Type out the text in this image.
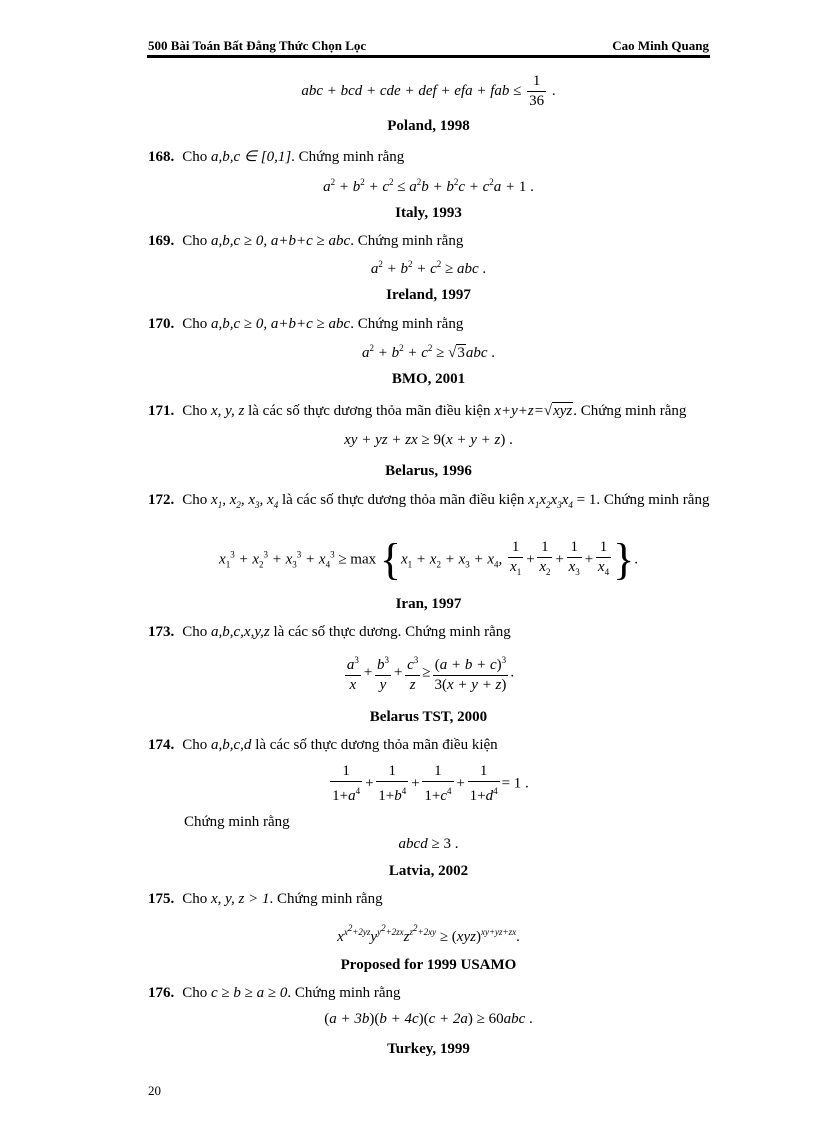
500 Bài Toán Bất Đẳng Thức Chọn Lọc	Cao Minh Quang
abc + bcd + cde + def + efa + fab ≤ $\frac{1}{36}$ .
Poland, 1998
168. Cho a,b,c ∈ [0,1]. Chứng minh rằng
$a^2 + b^2 + c^2 \le a^2b + b^2c + c^2a + 1$ .
Italy, 1993
169. Cho a,b,c ≥ 0, a+b+c ≥ abc. Chứng minh rằng
$a^2 + b^2 + c^2$ ≥ abc .
Ireland, 1997
170. Cho a,b,c ≥ 0, a+b+c ≥ abc. Chứng minh rằng
$a^2 + b^2 + c^2 \ge √3abc$ .
BMO, 2001
171. Cho x, y, z là các số thực dương thỏa mãn điều kiện x+y+z=√xyz. Chứng minh rằng
xy + yz + zx ≥ 9(x + y + z) .
Belarus, 1996
172. Cho $x_1$, $x_2$, $x_3$, $x_4$ là các số thực dương thỏa mãn điều kiện $x_1x_2x_3x_4 = 1$. Chứng minh rằng
$x_1^3 + x_2^3 + x_3^3 + x_4^3 \ge \max \{x_1 + x_2 + x_3 + x_4$, $\frac{1}{x_1} + \frac{1}{x_2} + \frac{1}{x_3} + \frac{1}{x_4}$ }.
Iran, 1997
173. Cho a,b,c,x,y,z là các số thực dương. Chứng minh rằng
$\frac{a^3}{x} + \frac{b^3}{y} + \frac{c^3}{z} \ge \frac{(a + b + c)^3}{3(x + y + z)}$ .
Belarus TST, 2000
174. Cho a,b,c,d là các số thực dương thỏa mãn điều kiện
$\frac{1}{1+a^4} + \frac{1}{1+b^4} + \frac{1}{1+c^4} + \frac{1}{1+d^4} = 1$ .
Chứng minh rằng
abcd ≥ 3 .
Latvia, 2002
175. Cho x, y, z > 1. Chứng minh rằng
$x^{x^2+2yz}y^{y^2+2zx}z^{z^2+2xy} \ge (xyz)^{xy+yz+zx}$.
Proposed for 1999 USAMO
176. Cho c ≥ b ≥ a ≥ 0. Chứng minh rằng
(a + 3b)(b + 4c)(c + 2a) ≥ 60abc .
Turkey, 1999
20
